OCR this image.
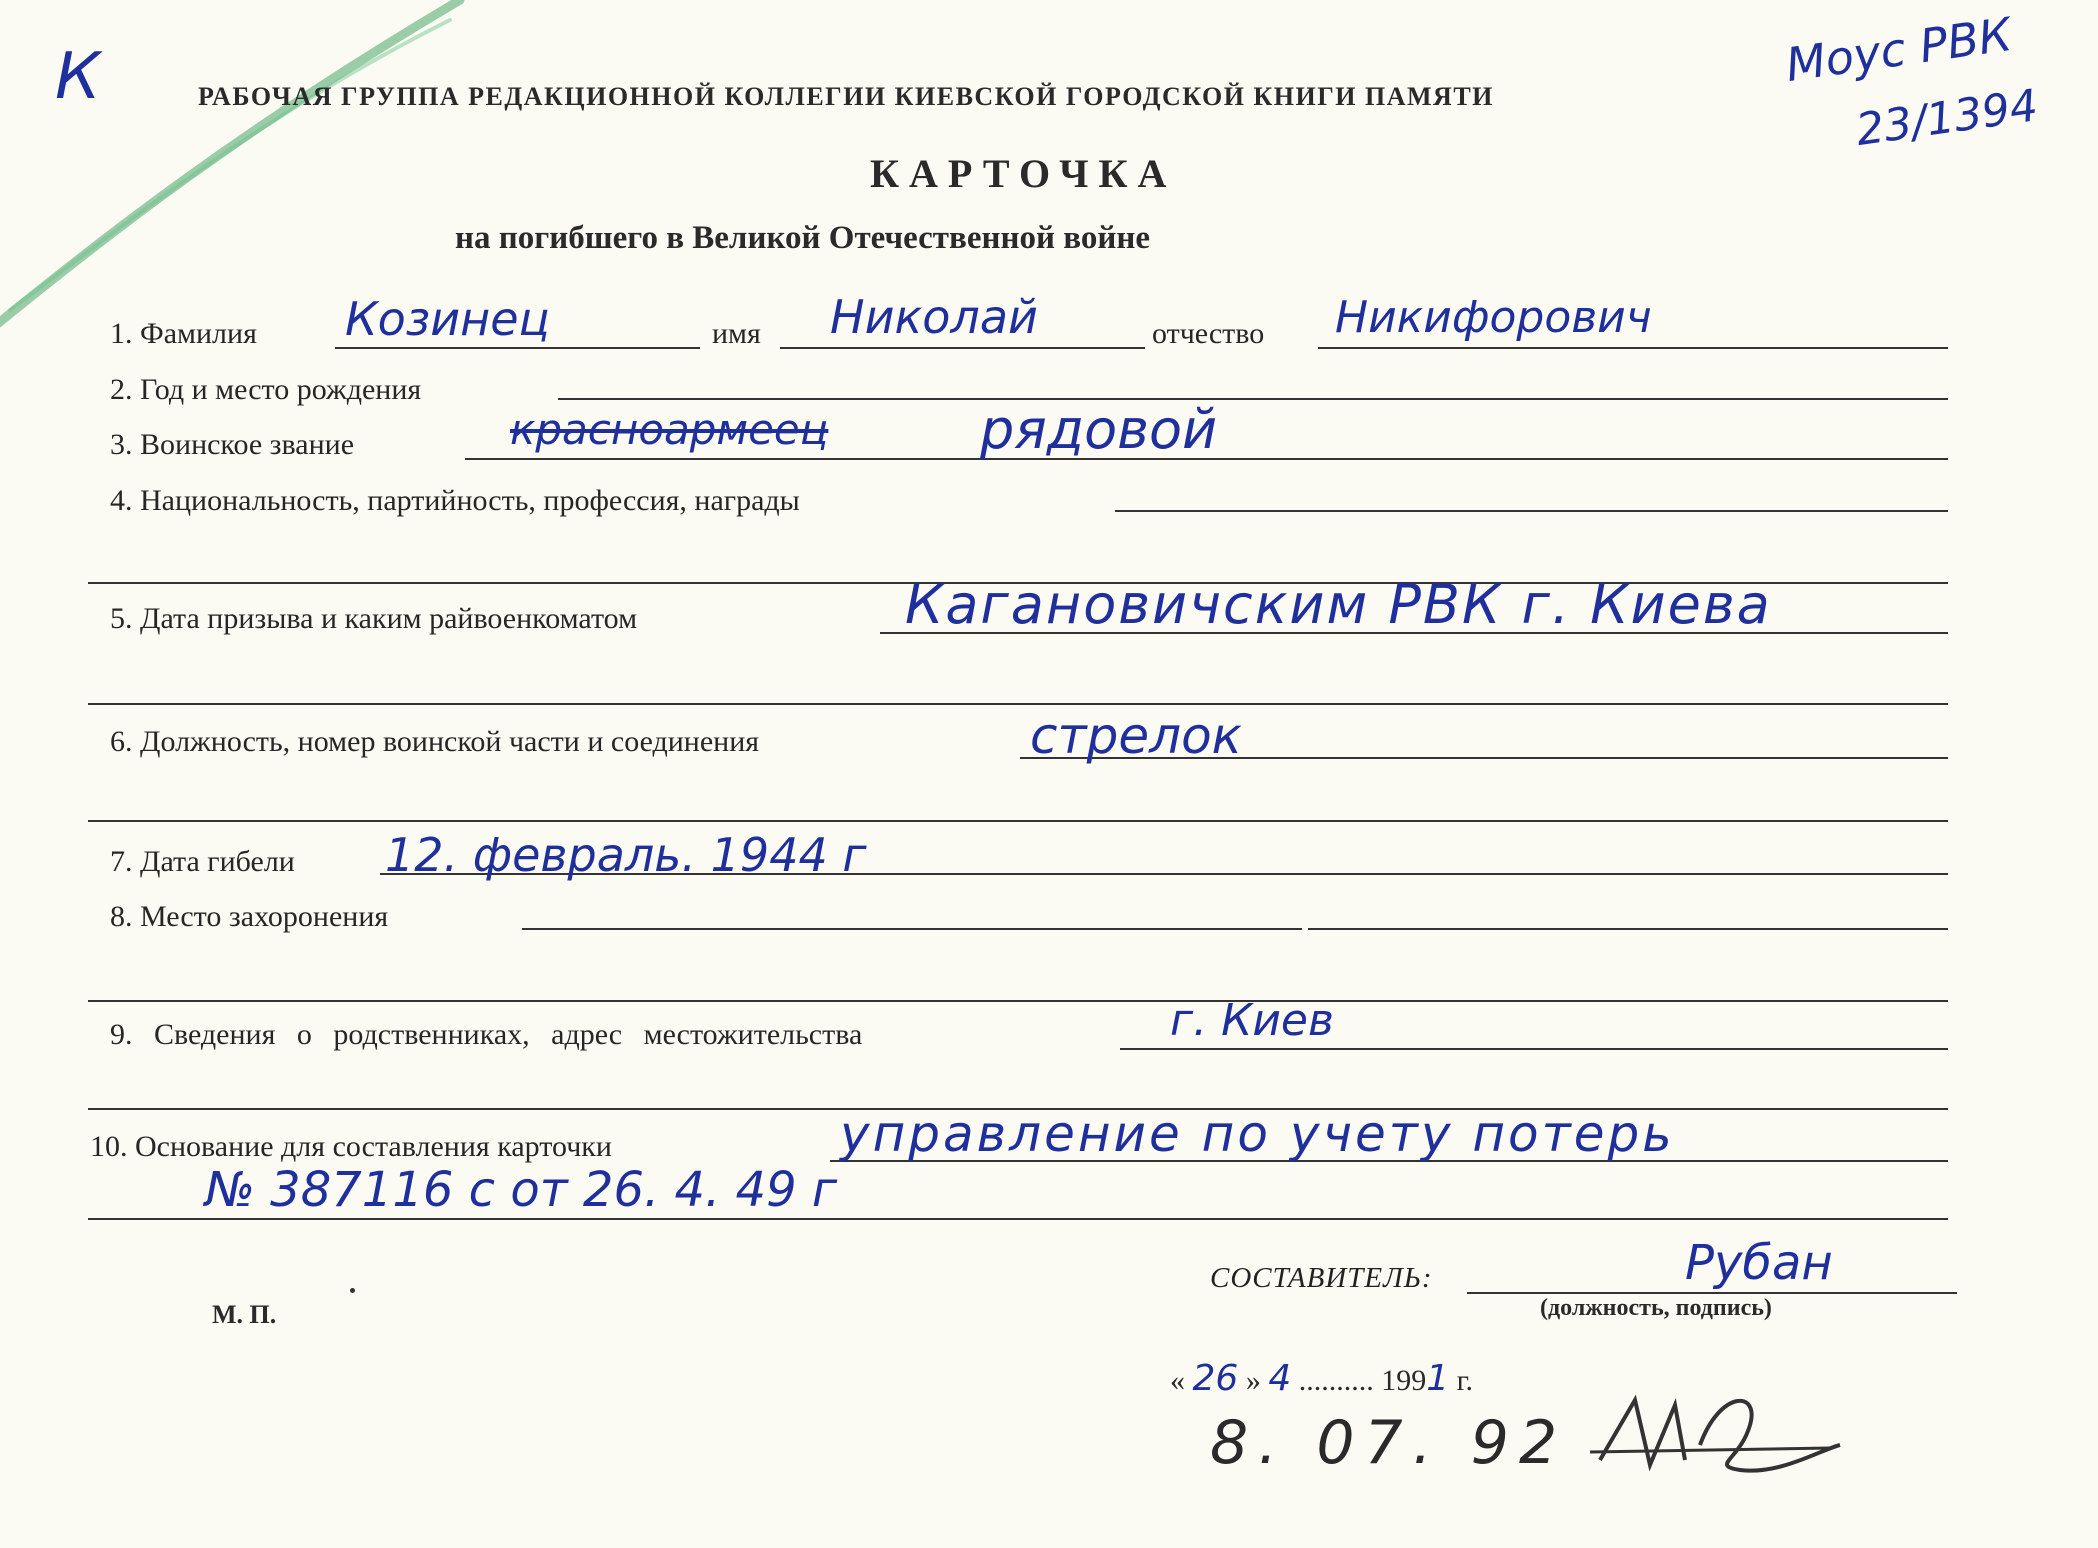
К	Моус РВК
23/1394
РАБОЧАЯ ГРУППА РЕДАКЦИОННОЙ КОЛЛЕГИИ КИЕВСКОЙ ГОРОДСКОЙ КНИГИ ПАМЯТИ
КАРТОЧКА
на погибшего в Великой Отечественной войне
1. Фамилия Козинец	имя Николай	отчество Никифорович
2. Год и место рождения
3. Воинское звание	красноармеец	рядовой
4. Национальность, партийность, профессия, награды
5. Дата призыва и каким райвоенкоматом	Кагановичским РВК г. Киева
6. Должность, номер воинской части и соединения	стрелок
7. Дата гибели 12. февраль. 1944 г
8. Место захоронения
9. Сведения о родственниках, адрес местожительства	г. Киев
10. Основание для составления карточки	управление по учету потерь
№ 387116 с от 26. 4. 49 г
СОСТАВИТЕЛЬ:	Рубан
(должность, подпись)
М. П.
« 26 » 4 .......... 1991 г.
8. 07. 92
